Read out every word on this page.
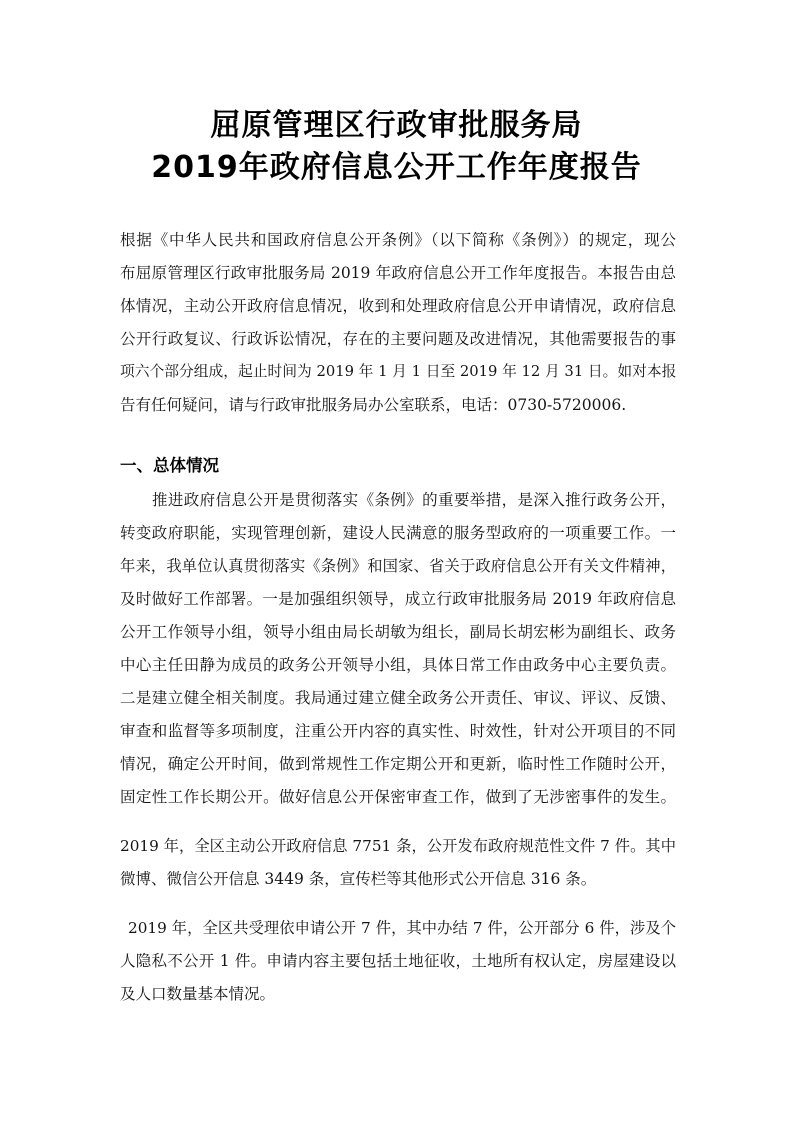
屈原管理区行政审批服务局
2019年政府信息公开工作年度报告
根据《中华人民共和国政府信息公开条例》（以下简称《条例》）的规定，现公
布屈原管理区行政审批服务局 2019 年政府信息公开工作年度报告。本报告由总
体情况，主动公开政府信息情况，收到和处理政府信息公开申请情况，政府信息
公开行政复议、行政诉讼情况，存在的主要问题及改进情况，其他需要报告的事
项六个部分组成，起止时间为 2019 年 1 月 1 日至 2019 年 12 月 31 日。如对本报
告有任何疑问，请与行政审批服务局办公室联系，电话：0730-5720006.
一、总体情况
推进政府信息公开是贯彻落实《条例》的重要举措，是深入推行政务公开，
转变政府职能，实现管理创新，建设人民满意的服务型政府的一项重要工作。一
年来，我单位认真贯彻落实《条例》和国家、省关于政府信息公开有关文件精神，
及时做好工作部署。一是加强组织领导，成立行政审批服务局 2019 年政府信息
公开工作领导小组，领导小组由局长胡敏为组长，副局长胡宏彬为副组长、政务
中心主任田静为成员的政务公开领导小组，具体日常工作由政务中心主要负责。
二是建立健全相关制度。我局通过建立健全政务公开责任、审议、评议、反馈、
审查和监督等多项制度，注重公开内容的真实性、时效性，针对公开项目的不同
情况，确定公开时间，做到常规性工作定期公开和更新，临时性工作随时公开，
固定性工作长期公开。做好信息公开保密审查工作，做到了无涉密事件的发生。
2019 年，全区主动公开政府信息 7751 条，公开发布政府规范性文件 7 件。其中
微博、微信公开信息 3449 条，宣传栏等其他形式公开信息 316 条。
2019 年，全区共受理依申请公开 7 件，其中办结 7 件，公开部分 6 件，涉及个
人隐私不公开 1 件。申请内容主要包括土地征收，土地所有权认定，房屋建设以
及人口数量基本情况。
